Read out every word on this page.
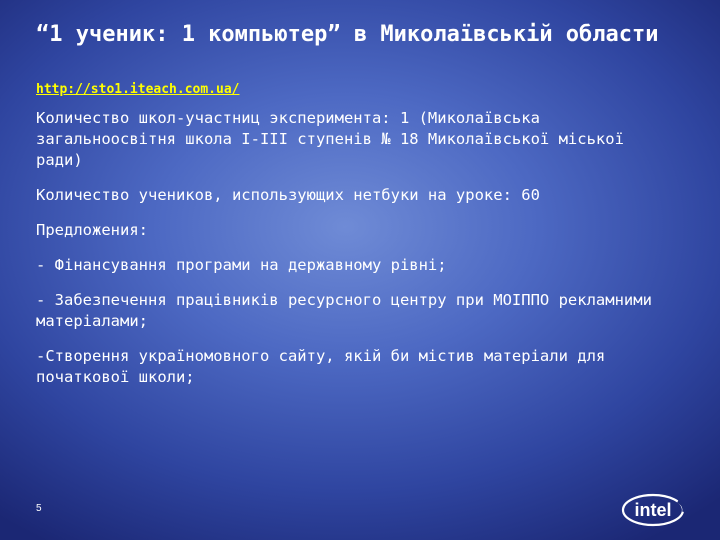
“1 ученик: 1 компьютер” в Миколаївській области
http://sto1.iteach.com.ua/

Количество школ-участниц эксперимента: 1 (Миколаївська загальноосвітня школа І-ІІІ ступенів № 18 Миколаївської міської ради)

Количество учеников, использующих нетбуки на уроке: 60

Предложения:

- Фінансування програми на державному рівні;

- Забезпечення працівників ресурсного центру при МОІППО рекламними матеріалами;

-Створення україномовного сайту, якій би містив матеріали для початкової школи;

5	intel
